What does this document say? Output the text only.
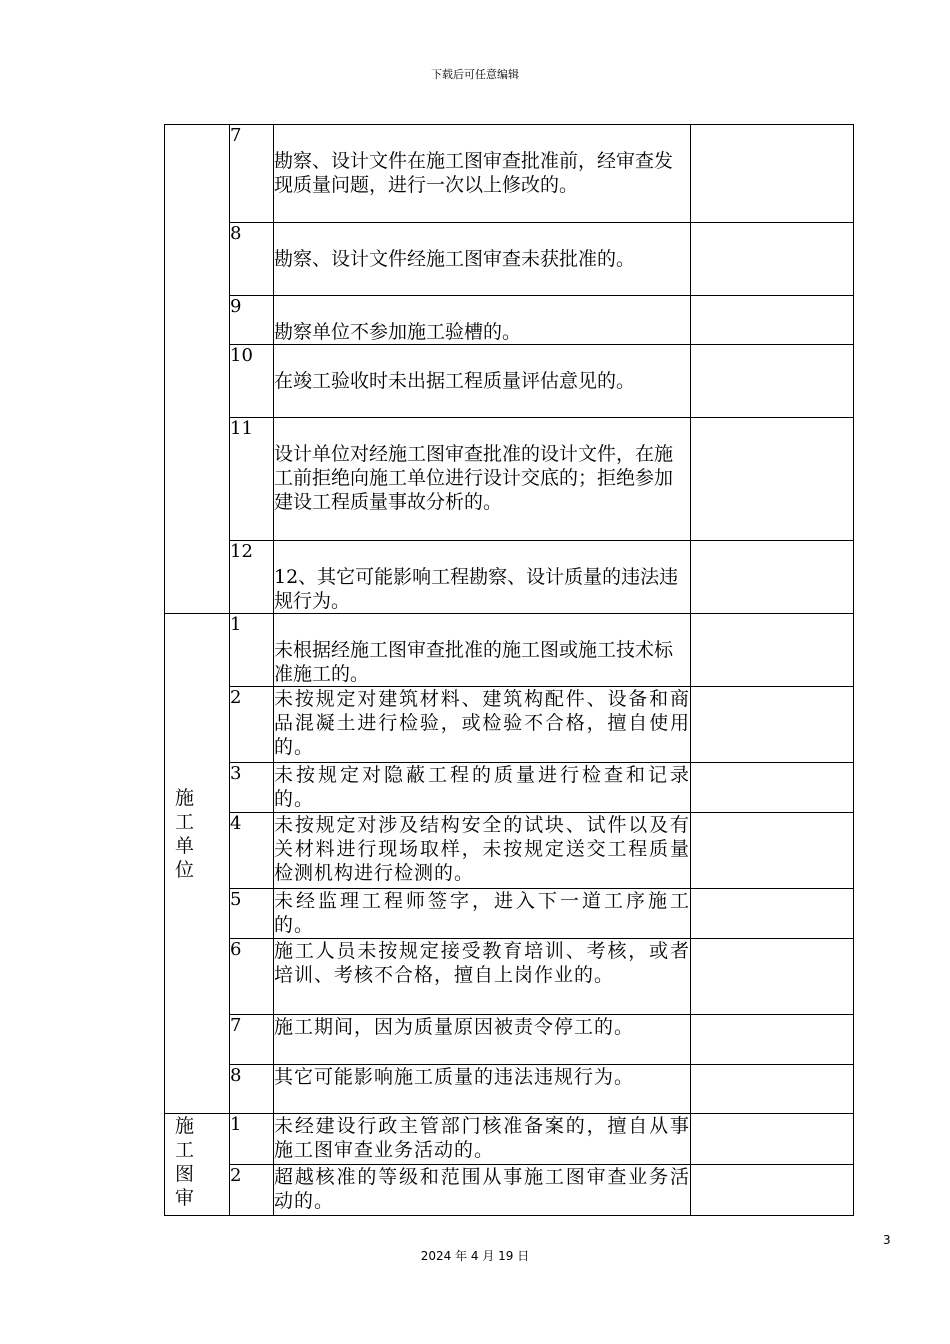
下载后可任意编辑
	7	勘察、设计文件在施工图审查批准前，经审查发现质量问题，进行一次以上修改的。	
	8	勘察、设计文件经施工图审查未获批准的。	
	9	勘察单位不参加施工验槽的。	
	10	在竣工验收时未出据工程质量评估意见的。	
	11	设计单位对经施工图审查批准的设计文件，在施工前拒绝向施工单位进行设计交底的；拒绝参加建设工程质量事故分析的。	
	12	12、其它可能影响工程勘察、设计质量的违法违规行为。	

施工单位	1	未根据经施工图审查批准的施工图或施工技术标准施工的。	
	2	未按规定对建筑材料、建筑构配件、设备和商品混凝土进行检验，或检验不合格，擅自使用的。	
	3	未按规定对隐蔽工程的质量进行检查和记录的。	
	4	未按规定对涉及结构安全的试块、试件以及有关材料进行现场取样，未按规定送交工程质量检测机构进行检测的。	
	5	未经监理工程师签字，进入下一道工序施工的。	
	6	施工人员未按规定接受教育培训、考核，或者培训、考核不合格，擅自上岗作业的。	
	7	施工期间，因为质量原因被责令停工的。	
	8	其它可能影响施工质量的违法违规行为。	

施工图审	1	未经建设行政主管部门核准备案的，擅自从事施工图审查业务活动的。	
	2	超越核准的等级和范围从事施工图审查业务活动的。	
3
2024 年 4 月 19 日
